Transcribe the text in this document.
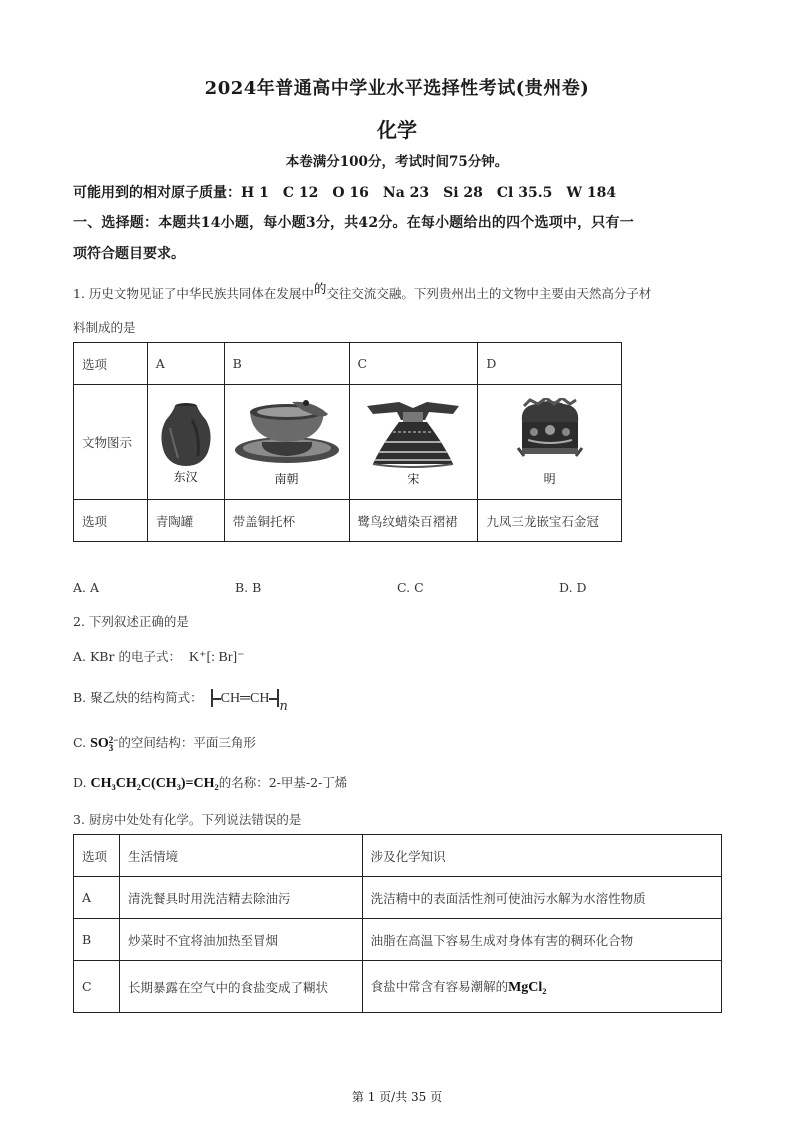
2024年普通高中学业水平选择性考试(贵州卷)
化学
本卷满分100分，考试时间75分钟。
可能用到的相对原子质量：H 1　C 12　O 16　Na 23　Si 28　Cl 35.5　W 184
一、选择题：本题共14小题，每小题3分，共42分。在每小题给出的四个选项中，只有一
项符合题目要求。
1. 历史文物见证了中华民族共同体在发展中的交往交流交融。下列贵州出土的文物中主要由天然高分子材
料制成的是
选项	A	B	C	D
文物图示	东汉	南朝	宋	明

选项	青陶罐	带盖铜托杯	鹭鸟纹蜡染百褶裙	九凤三龙嵌宝石金冠
A. A	B. B	C. C	D. D
2. 下列叙述正确的是
A. KBr 的电子式： K⁺[: Br]⁻
B. 聚乙炔的结构简式： CH═CH
n
C. SO 2−
3 的空间结构：平面三角形
D. CH₃CH₂C(CH₃)=CH₂的名称：2-甲基-2-丁烯
3. 厨房中处处有化学。下列说法错误的是
选项	生活情境	涉及化学知识
A	清洗餐具时用洗洁精去除油污	洗洁精中的表面活性剂可使油污水解为水溶性物质
B	炒菜时不宜将油加热至冒烟	油脂在高温下容易生成对身体有害的稠环化合物
C	长期暴露在空气中的食盐变成了糊状	食盐中常含有容易潮解的MgCl₂
第 1 页/共 35 页
